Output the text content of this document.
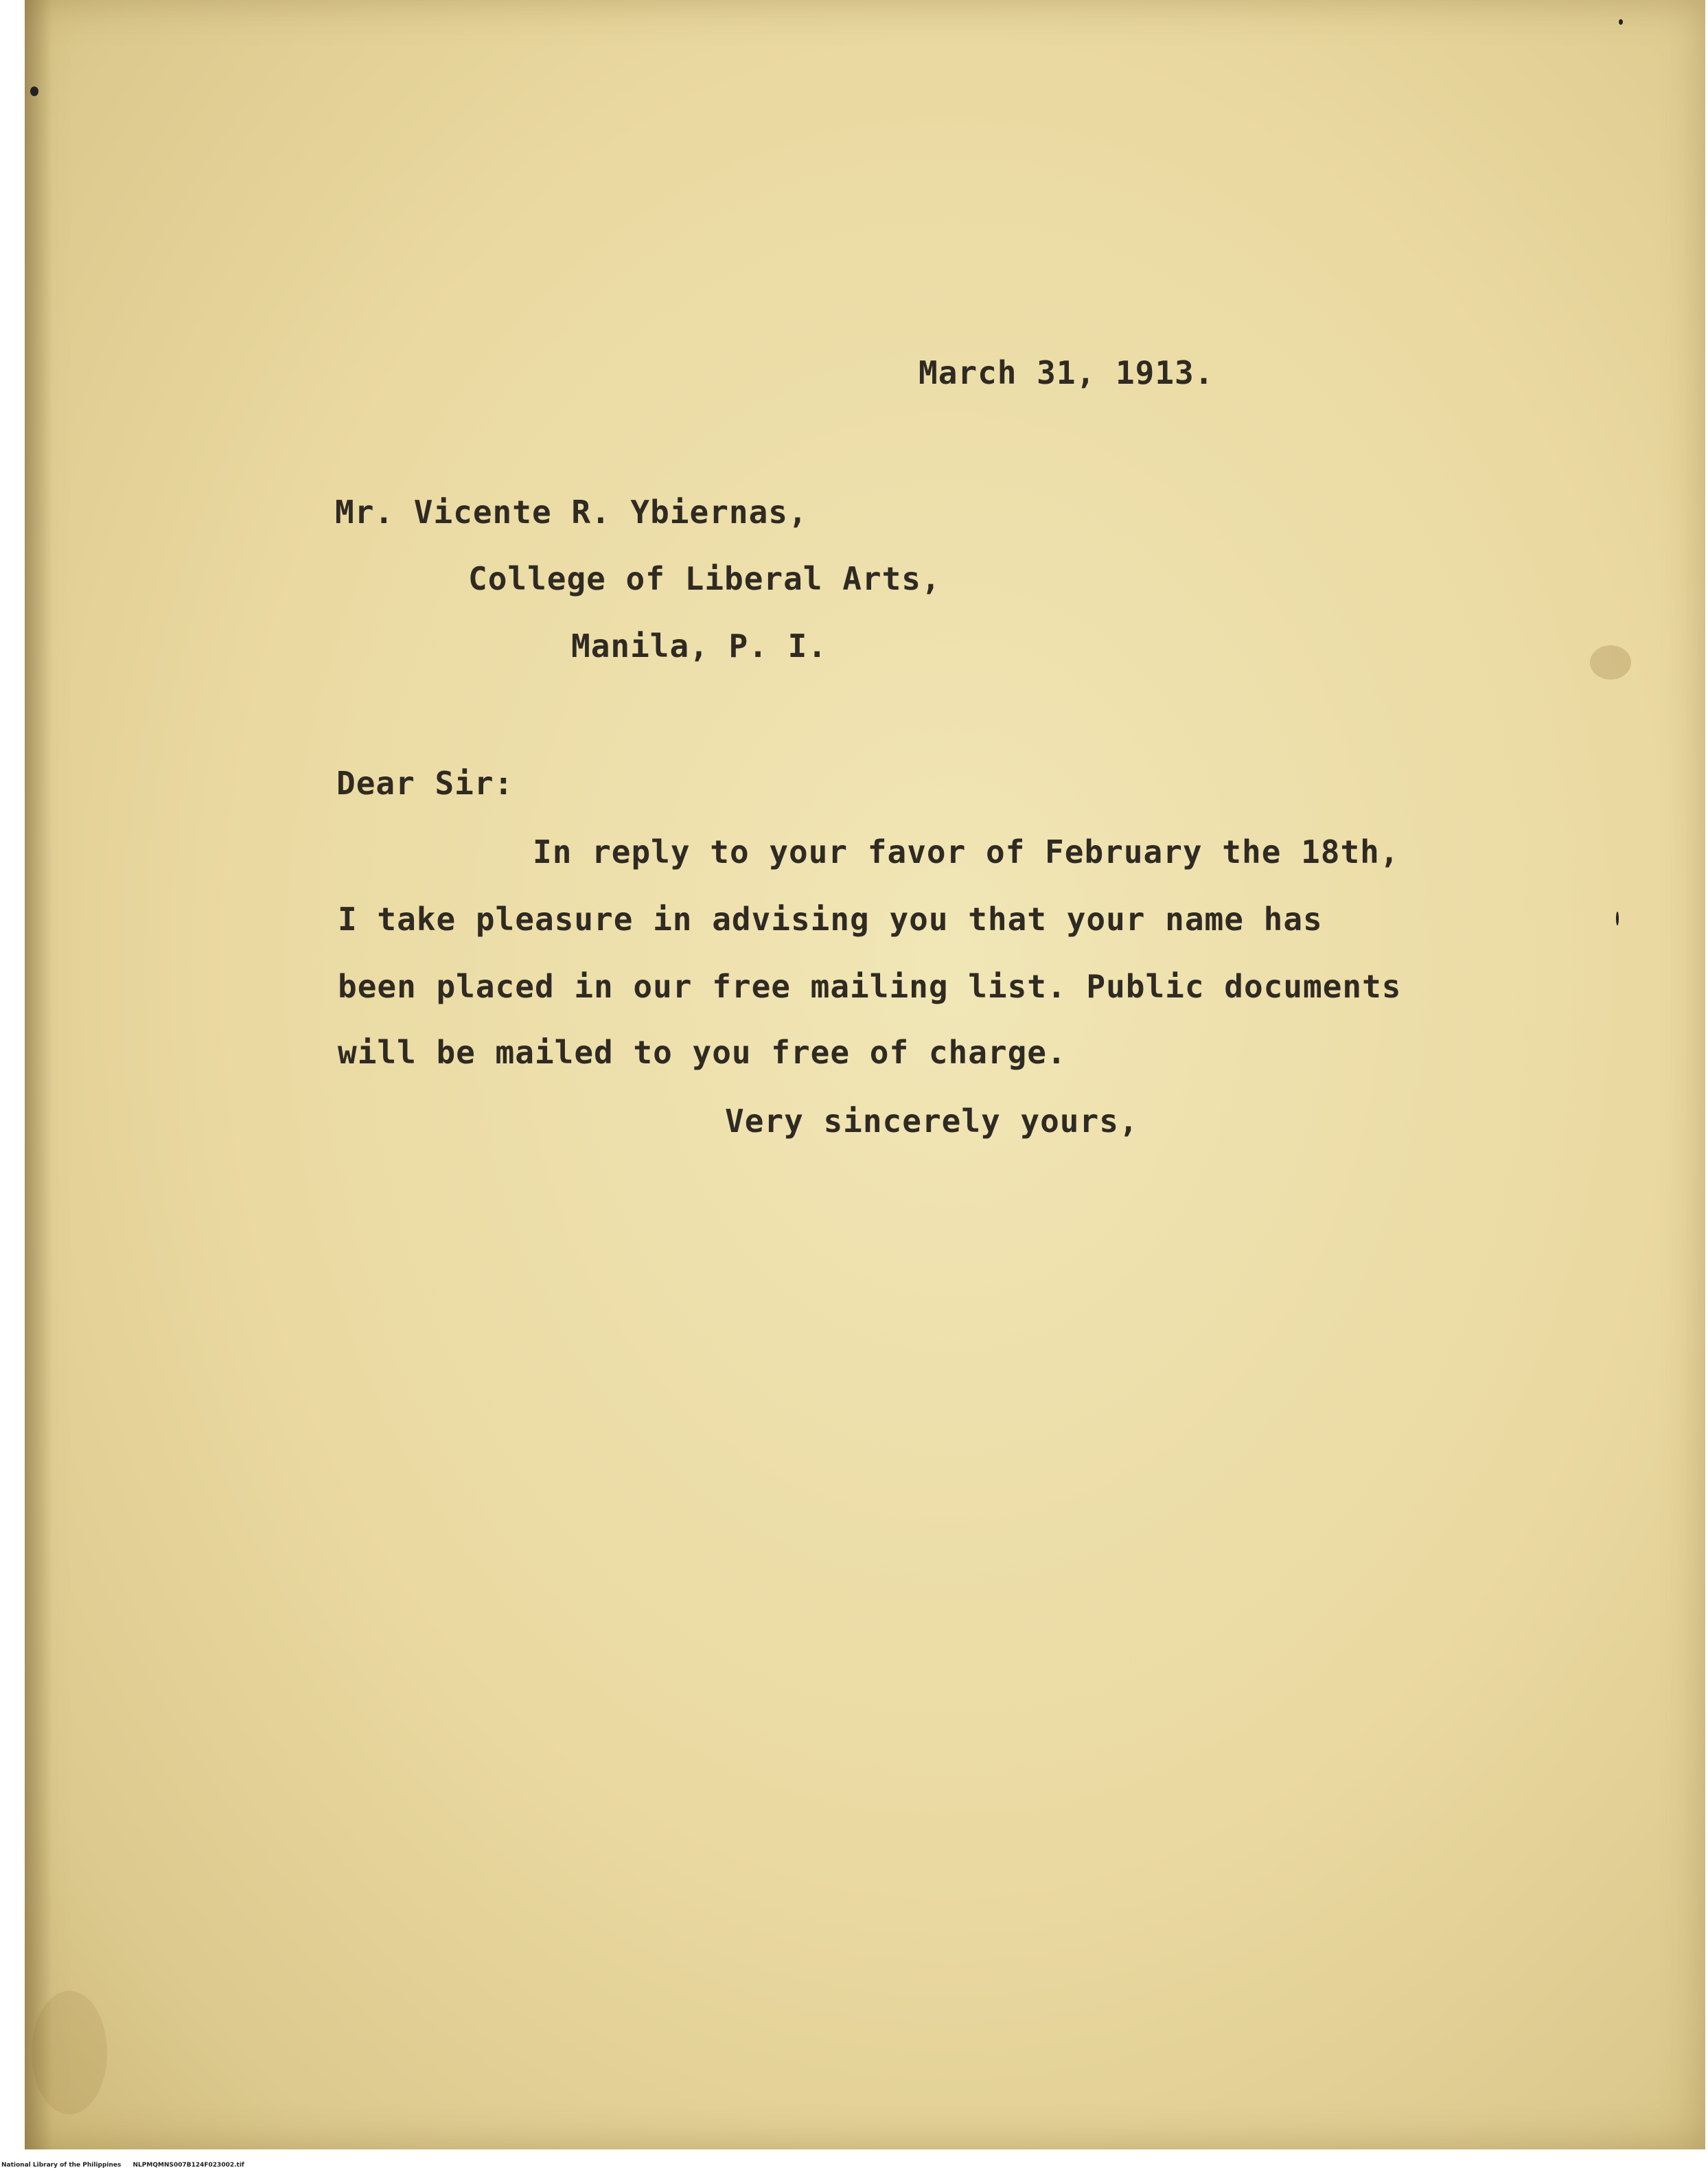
March 31, 1913.
Mr. Vicente R. Ybiernas,
College of Liberal Arts,
Manila, P. I.
Dear Sir:
In reply to your favor of February the 18th,
I take pleasure in advising you that your name has
been placed in our free mailing list. Public documents
will be mailed to you free of charge.
Very sincerely yours,
National Library of the Philippines NLPMQMNS007B124F023002.tif
